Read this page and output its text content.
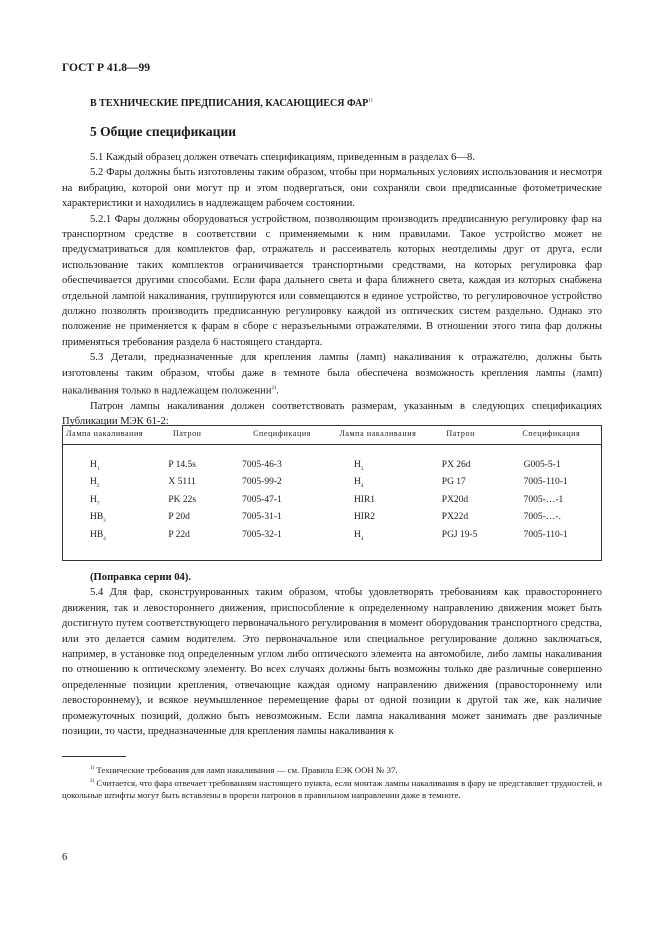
ГОСТ Р 41.8—99
В ТЕХНИЧЕСКИЕ ПРЕДПИСАНИЯ, КАСАЮЩИЕСЯ ФАР$^{1)}$
5 Общие спецификации

5.1 Каждый образец должен отвечать спецификациям, приведенным в разделах 6—8.

5.2 Фары должны быть изготовлены таким образом, чтобы при нормальных условиях использования и несмотря на вибрацию, которой они могут пр и этом подвергаться, они сохраняли свои предписанные фотометрические характеристики и находились в надлежащем рабочем состоянии.

5.2.1 Фары должны оборудоваться устройством, позволяющим производить предписанную регулировку фар на транспортном средстве в соответствии с применяемыми к ним правилами. Такое устройство может не предусматриваться для комплектов фар, отражатель и рассеиватель которых неотделимы друг от друга, если использование таких комплектов ограничивается транспортными средствами, на которых регулировка фар обеспечивается другими способами. Если фара дальнего света и фара ближнего света, каждая из которых снабжена отдельной лампой накаливания, группируются или совмещаются в единое устройство, то регулировочное устройство должно позволять производить предписанную регулировку каждой из оптических систем раздельно. Однако это положение не применяется к фарам в сборе с неразъельными отражателями. В отношении этого типа фар должны применяться требования раздела 6 настоящего стандарта.

5.3 Детали, предназначенные для крепления лампы (ламп) накаливания к отражателю, должны быть изготовлены таким образом, чтобы даже в темноте была обеспечена возможность крепления лампы (ламп) накаливания только в надлежащем положении$^{2)}$.

Патрон лампы накаливания должен соответствовать размерам, указанным в следующих спецификациях Публикации МЭК 61-2:

Лампа накаливания	Патрон	Спецификация	Лампа накаливания	Патрон	Спецификация

$H_1$	P 14.5s	7005-46-3	$H_3$	PX 26d	G005-5-1

$H_2$	X 5111	7005-99-2	$H_4$	PG 17	7005-110-1

$H_7$	PK 22s	7005-47-1	HIR1	PX20d	7005-…-1

$HB_3$	P 20d	7005-31-1	HIR2	PX22d	7005-…-.

$HB_4$	P 22d	7005-32-1	$H_4$	PGJ 19-5	7005-110-1

(Поправка серии 04).

5.4 Для фар, сконструированных таким образом, чтобы удовлетворять требованиям как правостороннего движения, так и левостороннего движения, приспособление к определенному направлению движения может быть достигнуто путем соответствующего первоначального регулирования в момент оборудования транспортного средства, или это делается самим водителем. Это первоначальное или специальное регулирование должно заключаться, например, в установке под определенным углом либо оптического элемента на автомобиле, либо лампы накаливания по отношению к оптическому элементу. Во всех случаях должны быть возможны только две различные совершенно определенные позиции крепления, отвечающие каждая одному направлению движения (правостороннему или левостороннему), и всякое неумышленное перемещение фары от одной позиции к другой так же, как наличие промежуточных позиций, должно быть невозможным. Если лампа накаливания может занимать две различные позиции, то части, предназначенные для крепления лампы накаливания к

$^{1)}$ Технические требования для ламп накаливания — см. Правила ЕЭК ООН № 37.

$^{2)}$ Считается, что фара отвечает требованиям настоящего пункта, если монтаж лампы накаливания в фару не представляет трудностей, и цокольные штифты могут быть вставлены в прорези патронов в правильном направлении даже в темноте.

6
